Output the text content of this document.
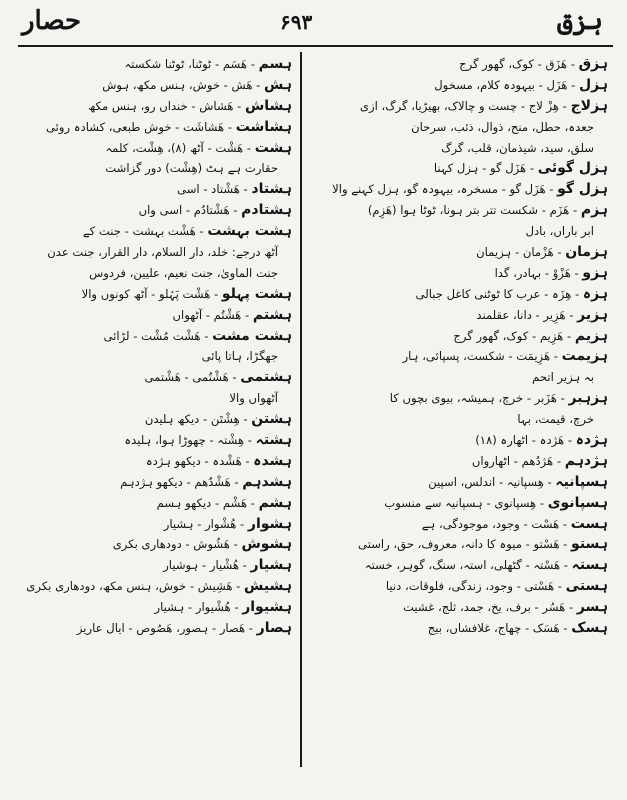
حصار	۶۹۳	ہزق
ہزق - ھَزَق - کوک، گھور گرج
ہزل - ھَزَل - بیہودہ کلام، مسخول
ہزلاج - ھِزْ لاج - چست و چالاک، بھیڑیا، گرگ، ازی
جعدہ، حطل، منح، ذوال، ذئب، سرحان
سلق، سید، شیذمان، قلب، گرگ
ہزل گوئی - ھَزَل گو - ہزل کہنا
ہزل گو - ھَزَل گو - مسخرہ، بیہودہ گو، ہزل کہنے والا
ہزم - ھَزَم - شکست تتر بتر ہونا، ٹوٹا ہوا (ھَزِم)
ابر باراں، بادل
ہزمان - ھَزْمان - ہزیمان
ہزو - ھَزْوْ - بہادر، گدا
ہزہ - ھِزَہ - عرب کا ٹوٹنی کاغل جبالی
ہزیر - ھَزِیر - دانا، عقلمند
ہزیم - ھَزِیم - کوک، گھور گرج
ہزیمت - ھَزِیمَت - شکست، پسپائی، ہار
بہ ہزیر اتحم
ہزہبر - ھَزَبر - خرچ، ہمیشہ، بیوی بچوں کا
خرچ، قیمت، بہا
ہژدہ - ھَژدہ - اٹھارہ (۱۸)
ہژدہم - ھَژدُھم - اٹھارواں
ہسپانیہ - ھِسپانیہ - اندلس، اسپین
ہسپانوی - ھِسپانوی - ہسپانیہ سے منسوب
ہست - ھَسْت - وجود، موجودگی، ہے
ہستو - ھَسْتو - میوہ کا دانہ، معروف، حق، راستی
ہستہ - ھَسْتہ - گٹھلی، استہ، سنگ، گوہر، خستہ
ہستی - ھَسْتی - وجود، زندگی، فلوقات، دنیا
ہسر - ھَسُر - برف، یخ، جمد، ثلج، غشیت
ہسک - ھَسَک - چھاج، غلافشاں، بیج
ہسم - ھَسَم - ٹوٹنا، ٹوٹنا شکستہ
ہش - ھَش - خوش، ہنس مکھ، ہوش
ہشاش - ھَشاش - خنداں رو، ہنس مکھ
ہشاشت - ھَشاشَت - خوش طبعی، کشادہ روئی
ہشت - ھَشْت - آٹھ (۸)، ھِشْت، کلمہ
حقارت ہے ہٹ (ھِشْت) دور گزاشت
ہشتاد - ھَشْتاد - اسی
ہشتادم - ھَشْتادُم - اسی واں
ہشت بہشت - ھَشْت بہشت - جنت کے
آٹھ درجے: خلد، دار السلام، دار القرار، جنت عدن
جنت الماویٰ، جنت نعیم، علیین، فردوس
ہشت پہلو - ھَشْت پَہْلو - آٹھ کونوں والا
ہشتم - ھَشْتُم - آٹھواں
ہشت مشت - ھَشْت مُشْت - لڑائی
جھگڑا، ہاتا پائی
ہشتمی - ھَشْتُمی - ھَشْتمی
آٹھواں والا
ہشتن - ھِشْتَن - دیکھ ہلیدن
ہشتہ - ھِشْتہ - چھوڑا ہوا، ہلیدہ
ہشدہ - ھَشْدہ - دیکھو ہژدہ
ہشدہم - ھَشْدُھم - دیکھو ہژدہم
ہشم - ھَشْم - دیکھو ہسم
ہشوار - ھُشْوار - ہشیار
ہشوش - ھَشُوش - دودھاری بکری
ہشیار - ھُشْیار - ہوشیار
ہشیش - ھَشِیش - خوش، ہنس مکھ، دودھاری بکری
ہشیوار - ھُشْیوار - ہشیار
ہصار - ھَصار - ہصور، ھَصُوص - ایال عاریز
